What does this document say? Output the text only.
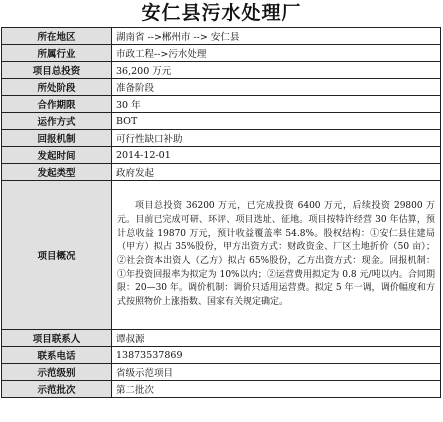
安仁县污水处理厂
所在地区	湖南省 -->郴州市 --> 安仁县
所属行业	市政工程-->污水处理
项目总投资	36,200 万元
所处阶段	准备阶段
合作期限	30 年
运作方式	BOT
回报机制	可行性缺口补助
发起时间	2014-12-01
发起类型	政府发起
项目概况	项目总投资 36200 万元，已完成投资 6400 万元，后续投资 29800 万元。目前已完成可研、环评、项目选址、征地。项目按特许经营 30 年估算，预计总收益 19870 万元，预计收益覆盖率 54.8%。股权结构：①安仁县住建局（甲方）拟占 35%股份，甲方出资方式：财政资金、厂区土地折价（50 亩）；②社会资本出资人（乙方）拟占 65%股份，乙方出资方式：现金。回报机制：①年投资回报率为拟定为 10%以内；②运营费用拟定为 0.8 元/吨以内。合同期限：20—30 年。调价机制：调价只适用运营费。拟定 5 年一调，调价幅度和方式按照物价上涨指数、国家有关规定确定。
项目联系人	谭叔源
联系电话	13873537869
示范级别	省级示范项目
示范批次	第二批次
